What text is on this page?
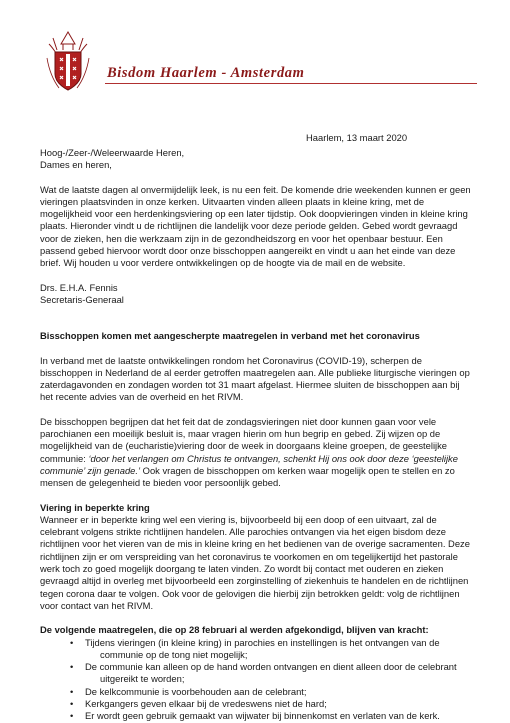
Bisdom Haarlem - Amsterdam
Haarlem, 13 maart 2020

Hoog-/Zeer-/Weleerwaarde Heren,

Dames en heren,

Wat de laatste dagen al onvermijdelijk leek, is nu een feit. De komende drie weekenden kunnen er geen vieringen plaatsvinden in onze kerken. Uitvaarten vinden alleen plaats in kleine kring, met de mogelijkheid voor een herdenkingsviering op een later tijdstip. Ook doopvieringen vinden in kleine kring plaats. Hieronder vindt u de richtlijnen die landelijk voor deze periode gelden. Gebed wordt gevraagd voor de zieken, hen die werkzaam zijn in de gezondheidszorg en voor het openbaar bestuur. Een passend gebed hiervoor wordt door onze bisschoppen aangereikt en vindt u aan het einde van deze brief. Wij houden u voor verdere ontwikkelingen op de hoogte via de mail en de website.

Drs. E.H.A. Fennis

Secretaris-Generaal

Bisschoppen komen met aangescherpte maatregelen in verband met het coronavirus

In verband met de laatste ontwikkelingen rondom het Coronavirus (COVID-19), scherpen de bisschoppen in Nederland de al eerder getroffen maatregelen aan. Alle publieke liturgische vieringen op zaterdagavonden en zondagen worden tot 31 maart afgelast. Hiermee sluiten de bisschoppen aan bij het recente advies van de overheid en het RIVM.

De bisschoppen begrijpen dat het feit dat de zondagsvieringen niet door kunnen gaan voor vele parochianen een moeilijk besluit is, maar vragen hierin om hun begrip en gebed. Zij wijzen op de mogelijkheid van de (eucharistie)viering door de week in doorgaans kleine groepen, de geestelijke communie: ‘door het verlangen om Christus te ontvangen, schenkt Hij ons ook door deze ‘geestelijke communie’ zijn genade.’ Ook vragen de bisschoppen om kerken waar mogelijk open te stellen en zo mensen de gelegenheid te bieden voor persoonlijk gebed.

Viering in beperkte kring

Wanneer er in beperkte kring wel een viering is, bijvoorbeeld bij een doop of een uitvaart, zal de celebrant volgens strikte richtlijnen handelen. Alle parochies ontvangen via het eigen bisdom deze richtlijnen voor het vieren van de mis in kleine kring en het bedienen van de overige sacramenten. Deze richtlijnen zijn er om verspreiding van het coronavirus te voorkomen en om tegelijkertijd het pastorale werk toch zo goed mogelijk doorgang te laten vinden. Zo wordt bij contact met ouderen en zieken gevraagd altijd in overleg met bijvoorbeeld een zorginstelling of ziekenhuis te handelen en de richtlijnen tegen corona daar te volgen. Ook voor de gelovigen die hierbij zijn betrokken geldt: volg de richtlijnen voor contact van het RIVM.

De volgende maatregelen, die op 28 februari al werden afgekondigd, blijven van kracht:

• Tijdens vieringen (in kleine kring) in parochies en instellingen is het ontvangen van de
communie op de tong niet mogelijk;
• De communie kan alleen op de hand worden ontvangen en dient alleen door de celebrant
uitgereikt te worden;
• De kelkcommunie is voorbehouden aan de celebrant;
• Kerkgangers geven elkaar bij de vredeswens niet de hard;
• Er wordt geen gebruik gemaakt van wijwater bij binnenkomst en verlaten van de kerk.
